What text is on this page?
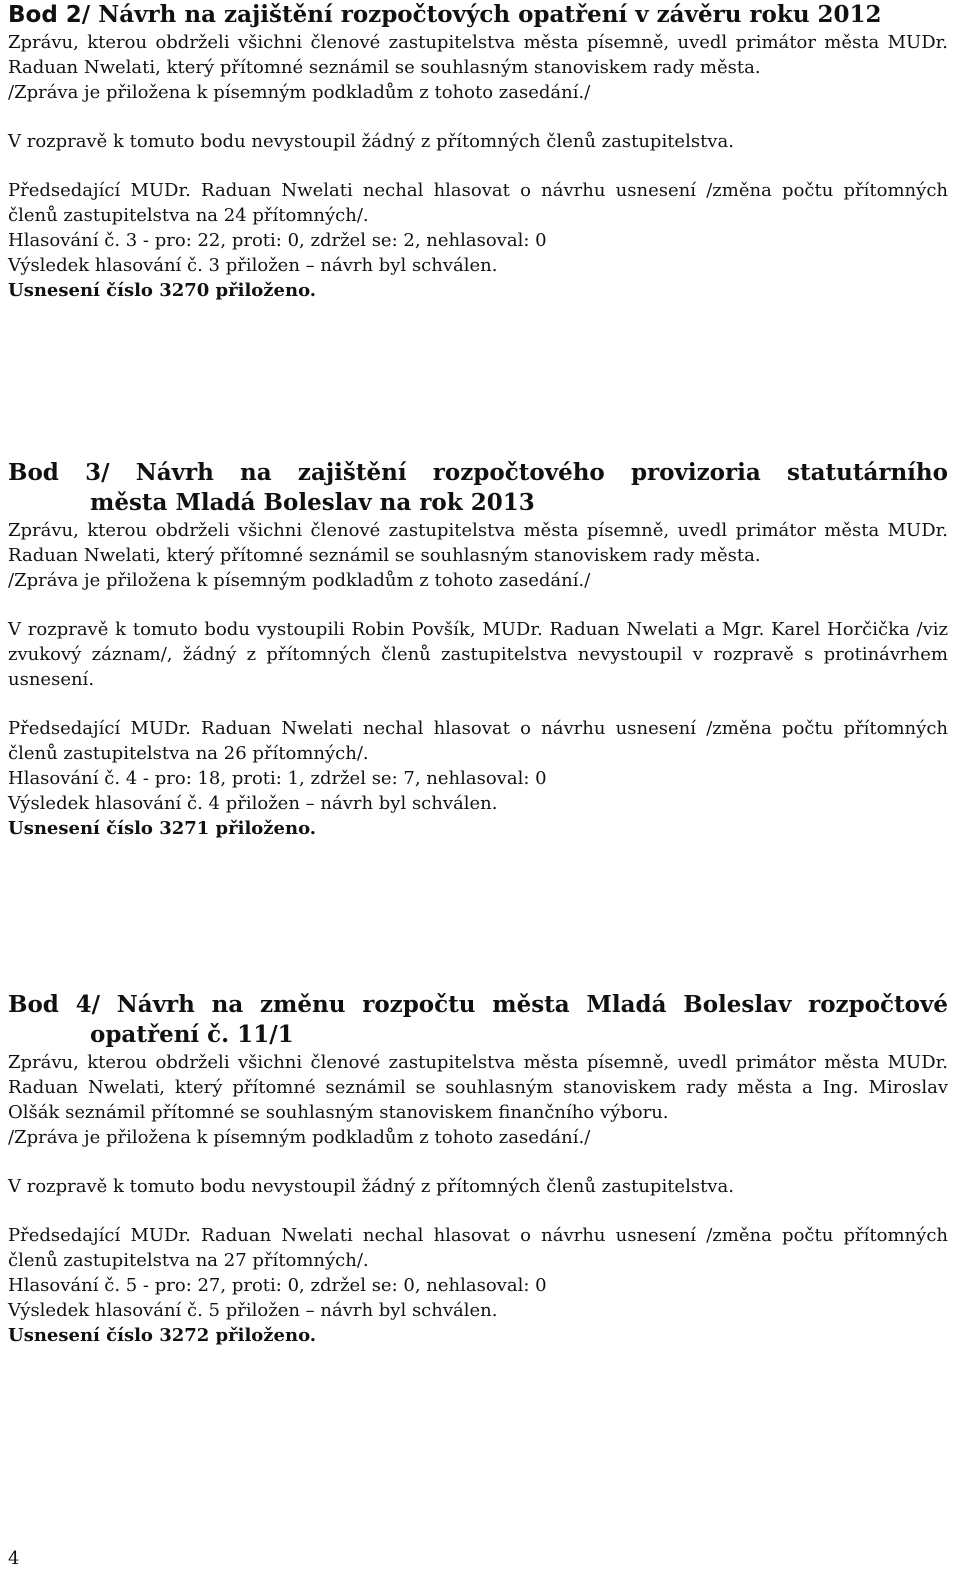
Bod 2/ Návrh na zajištění rozpočtových opatření v závěru roku 2012

Zprávu, kterou obdrželi všichni členové zastupitelstva města písemně, uvedl primátor města MUDr. Raduan Nwelati, který přítomné seznámil se souhlasným stanoviskem rady města.

/Zpráva je přiložena k písemným podkladům z tohoto zasedání./

V rozpravě k tomuto bodu nevystoupil žádný z přítomných členů zastupitelstva.

Předsedající MUDr. Raduan Nwelati nechal hlasovat o návrhu usnesení /změna počtu přítomných členů zastupitelstva na 24 přítomných/.

Hlasování č. 3 - pro: 22, proti: 0, zdržel se: 2, nehlasoval: 0

Výsledek hlasování č. 3 přiložen – návrh byl schválen.

Usnesení číslo 3270 přiloženo.

Bod 3/ Návrh na zajištění rozpočtového provizoria statutárního

města Mladá Boleslav na rok 2013

Zprávu, kterou obdrželi všichni členové zastupitelstva města písemně, uvedl primátor města MUDr. Raduan Nwelati, který přítomné seznámil se souhlasným stanoviskem rady města.

/Zpráva je přiložena k písemným podkladům z tohoto zasedání./

V rozpravě k tomuto bodu vystoupili Robin Povšík, MUDr. Raduan Nwelati a Mgr. Karel Horčička /viz zvukový záznam/, žádný z přítomných členů zastupitelstva nevystoupil v rozpravě s protinávrhem usnesení.

Předsedající MUDr. Raduan Nwelati nechal hlasovat o návrhu usnesení /změna počtu přítomných členů zastupitelstva na 26 přítomných/.

Hlasování č. 4 - pro: 18, proti: 1, zdržel se: 7, nehlasoval: 0

Výsledek hlasování č. 4 přiložen – návrh byl schválen.

Usnesení číslo 3271 přiloženo.

Bod 4/ Návrh na změnu rozpočtu města Mladá Boleslav rozpočtové

opatření č. 11/1

Zprávu, kterou obdrželi všichni členové zastupitelstva města písemně, uvedl primátor města MUDr. Raduan Nwelati, který přítomné seznámil se souhlasným stanoviskem rady města a Ing. Miroslav Olšák seznámil přítomné se souhlasným stanoviskem finančního výboru.

/Zpráva je přiložena k písemným podkladům z tohoto zasedání./

V rozpravě k tomuto bodu nevystoupil žádný z přítomných členů zastupitelstva.

Předsedající MUDr. Raduan Nwelati nechal hlasovat o návrhu usnesení /změna počtu přítomných členů zastupitelstva na 27 přítomných/.

Hlasování č. 5 - pro: 27, proti: 0, zdržel se: 0, nehlasoval: 0

Výsledek hlasování č. 5 přiložen – návrh byl schválen.

Usnesení číslo 3272 přiloženo.

4
